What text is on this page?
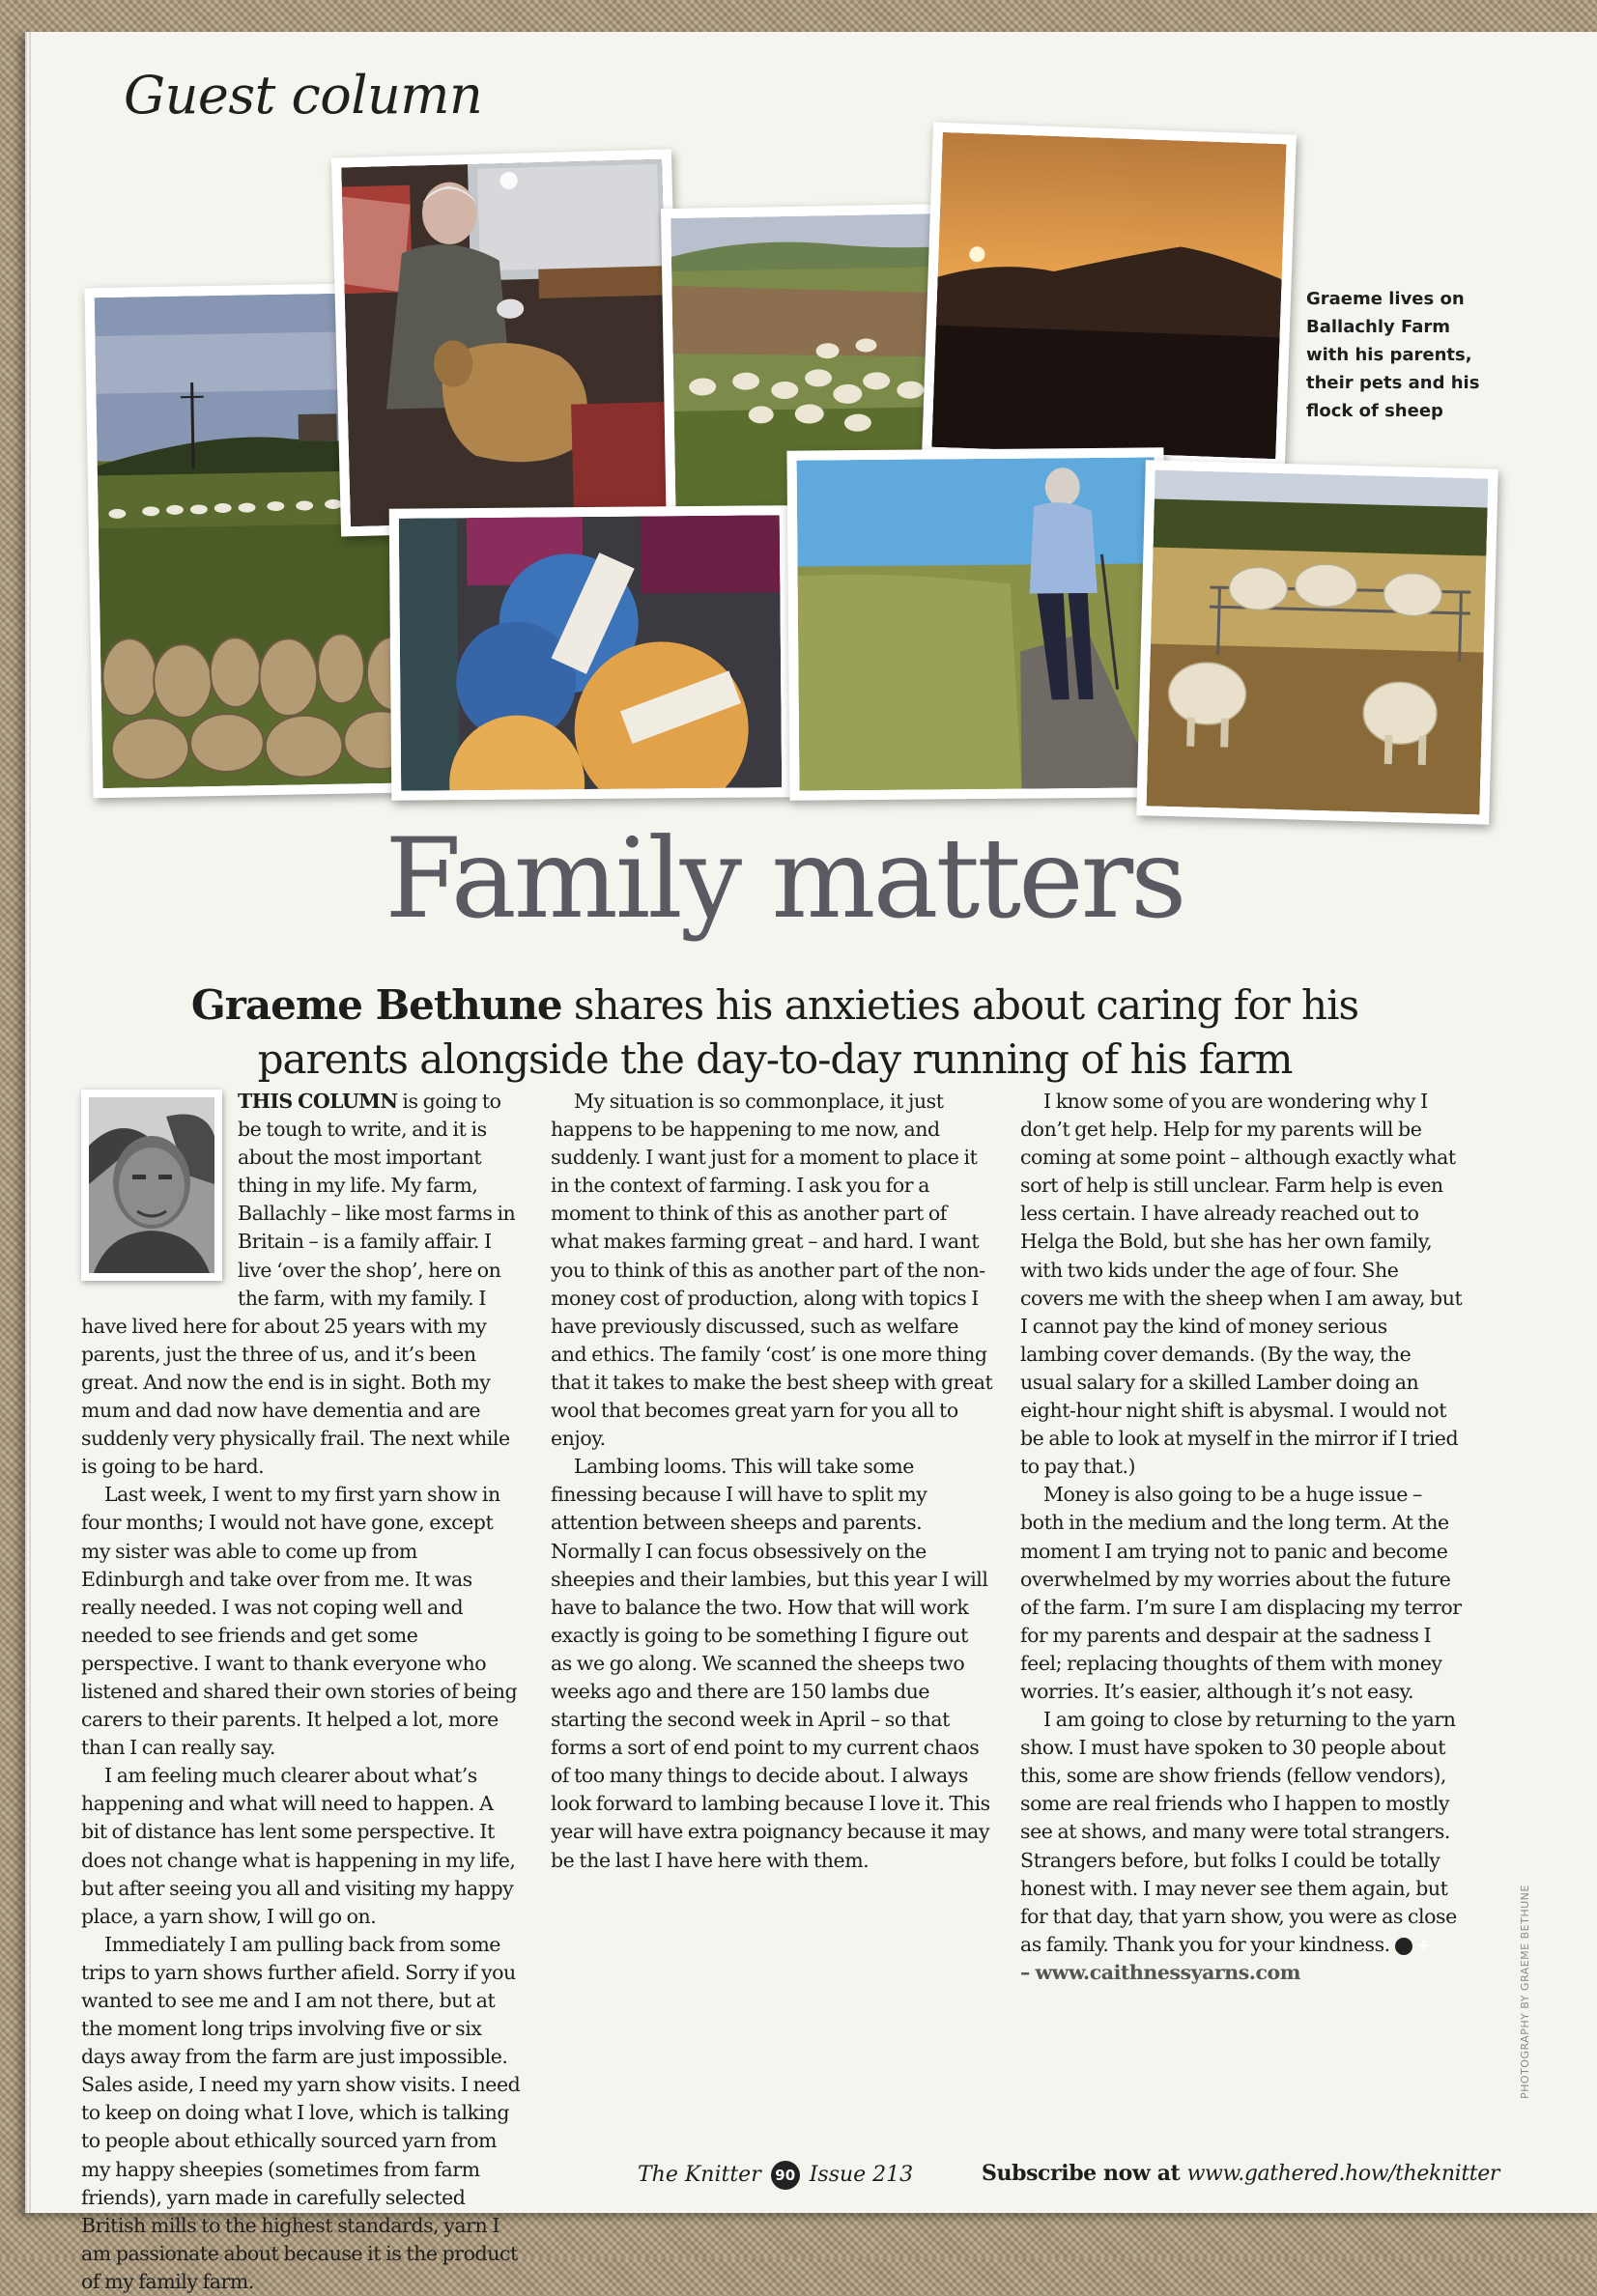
Guest column

Graeme lives on Ballachly Farm with his parents, their pets and his flock of sheep

Family matters

Graeme Bethune shares his anxieties about caring for his parents alongside the day-to-day running of his farm

THIS COLUMN is going to be tough to write, and it is about the most important thing in my life. My farm, Ballachly – like most farms in Britain – is a family affair. I live ‘over the shop’, here on the farm, with my family. I have lived here for about 25 years with my parents, just the three of us, and it’s been great. And now the end is in sight. Both my mum and dad now have dementia and are suddenly very physically frail. The next while is going to be hard.

Last week, I went to my first yarn show in four months; I would not have gone, except my sister was able to come up from Edinburgh and take over from me. It was really needed. I was not coping well and needed to see friends and get some perspective. I want to thank everyone who listened and shared their own stories of being carers to their parents. It helped a lot, more than I can really say.

I am feeling much clearer about what’s happening and what will need to happen. A bit of distance has lent some perspective. It does not change what is happening in my life, but after seeing you all and visiting my happy place, a yarn show, I will go on.

Immediately I am pulling back from some trips to yarn shows further afield. Sorry if you wanted to see me and I am not there, but at the moment long trips involving five or six days away from the farm are just impossible. Sales aside, I need my yarn show visits. I need to keep on doing what I love, which is talking to people about ethically sourced yarn from my happy sheepies (sometimes from farm friends), yarn made in carefully selected British mills to the highest standards, yarn I am passionate about because it is the product of my family farm.

My situation is so commonplace, it just happens to be happening to me now, and suddenly. I want just for a moment to place it in the context of farming. I ask you for a moment to think of this as another part of what makes farming great – and hard. I want you to think of this as another part of the non-money cost of production, along with topics I have previously discussed, such as welfare and ethics. The family ‘cost’ is one more thing that it takes to make the best sheep with great wool that becomes great yarn for you all to enjoy.

Lambing looms. This will take some finessing because I will have to split my attention between sheeps and parents. Normally I can focus obsessively on the sheepies and their lambies, but this year I will have to balance the two. How that will work exactly is going to be something I figure out as we go along. We scanned the sheeps two weeks ago and there are 150 lambs due starting the second week in April – so that forms a sort of end point to my current chaos of too many things to decide about. I always look forward to lambing because I love it. This year will have extra poignancy because it may be the last I have here with them.

I know some of you are wondering why I don’t get help. Help for my parents will be coming at some point – although exactly what sort of help is still unclear. Farm help is even less certain. I have already reached out to Helga the Bold, but she has her own family, with two kids under the age of four. She covers me with the sheep when I am away, but I cannot pay the kind of money serious lambing cover demands. (By the way, the usual salary for a skilled Lamber doing an eight-hour night shift is abysmal. I would not be able to look at myself in the mirror if I tried to pay that.)

Money is also going to be a huge issue – both in the medium and the long term. At the moment I am trying not to panic and become overwhelmed by my worries about the future of the farm. I’m sure I am displacing my terror for my parents and despair at the sadness I feel; replacing thoughts of them with money worries. It’s easier, although it’s not easy.

I am going to close by returning to the yarn show. I must have spoken to 30 people about this, some are show friends (fellow vendors), some are real friends who I happen to mostly see at shows, and many were total strangers. Strangers before, but folks I could be totally honest with. I may never see them again, but for that day, that yarn show, you were as close as family. Thank you for your kindness. ✚

– www.caithnessyarns.com	PHOTOGRAPHY BY GRAEME BETHUNE
The Knitter 90 Issue 213	Subscribe now at www.gathered.how/theknitter
